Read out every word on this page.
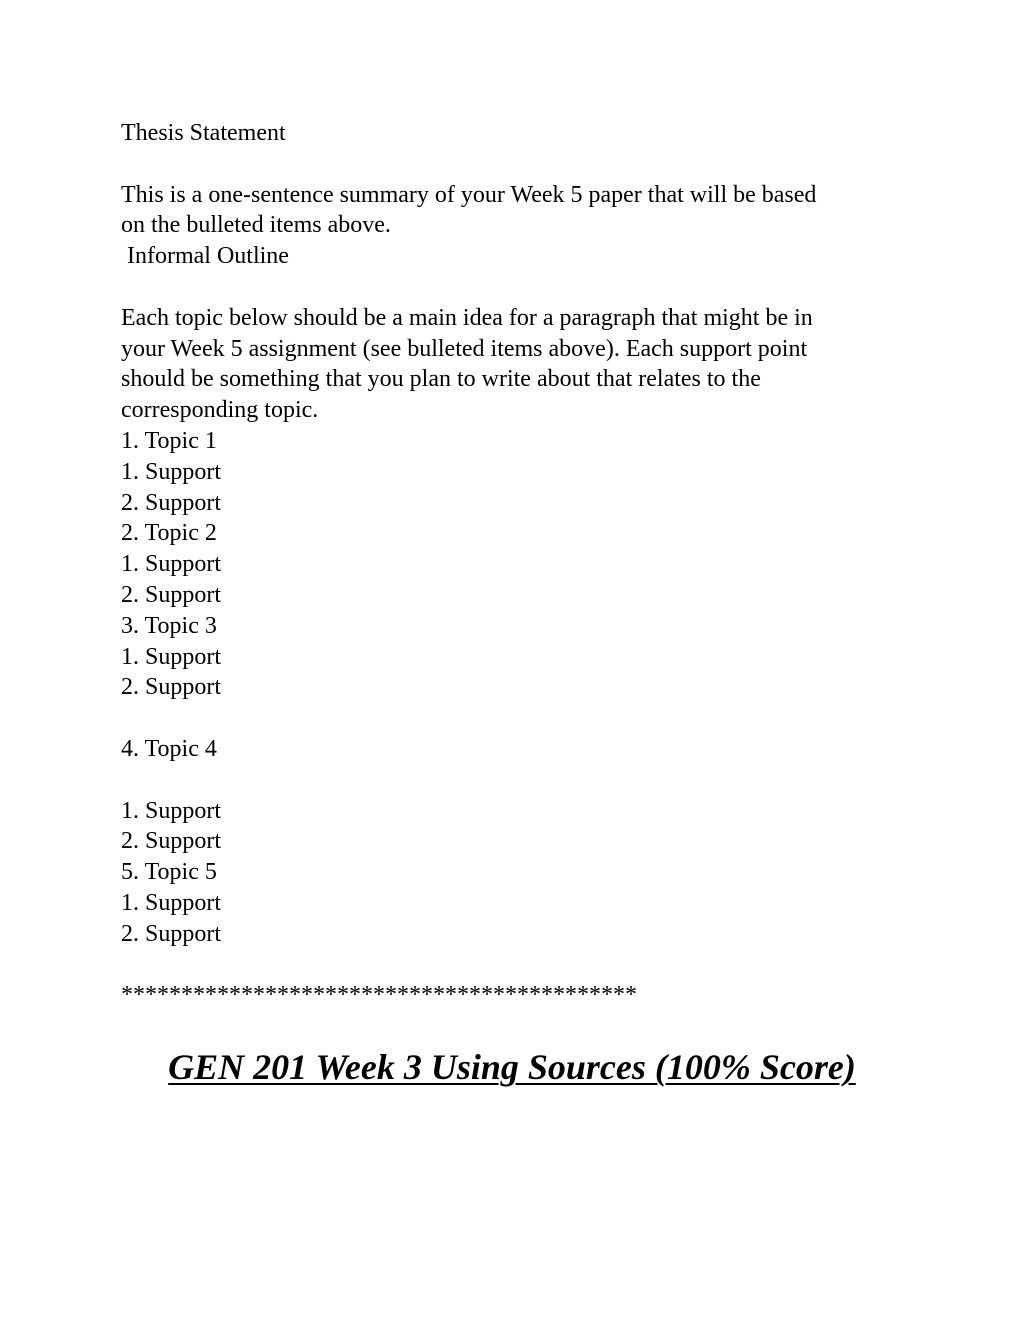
Thesis Statement
This is a one-sentence summary of your Week 5 paper that will be based
on the bulleted items above.
Informal Outline
Each topic below should be a main idea for a paragraph that might be in
your Week 5 assignment (see bulleted items above). Each support point
should be something that you plan to write about that relates to the
corresponding topic.
1. Topic 1
1. Support
2. Support
2. Topic 2
1. Support
2. Support
3. Topic 3
1. Support
2. Support
4. Topic 4
1. Support
2. Support
5. Topic 5
1. Support
2. Support
*******************************************
GEN 201 Week 3 Using Sources (100% Score)
